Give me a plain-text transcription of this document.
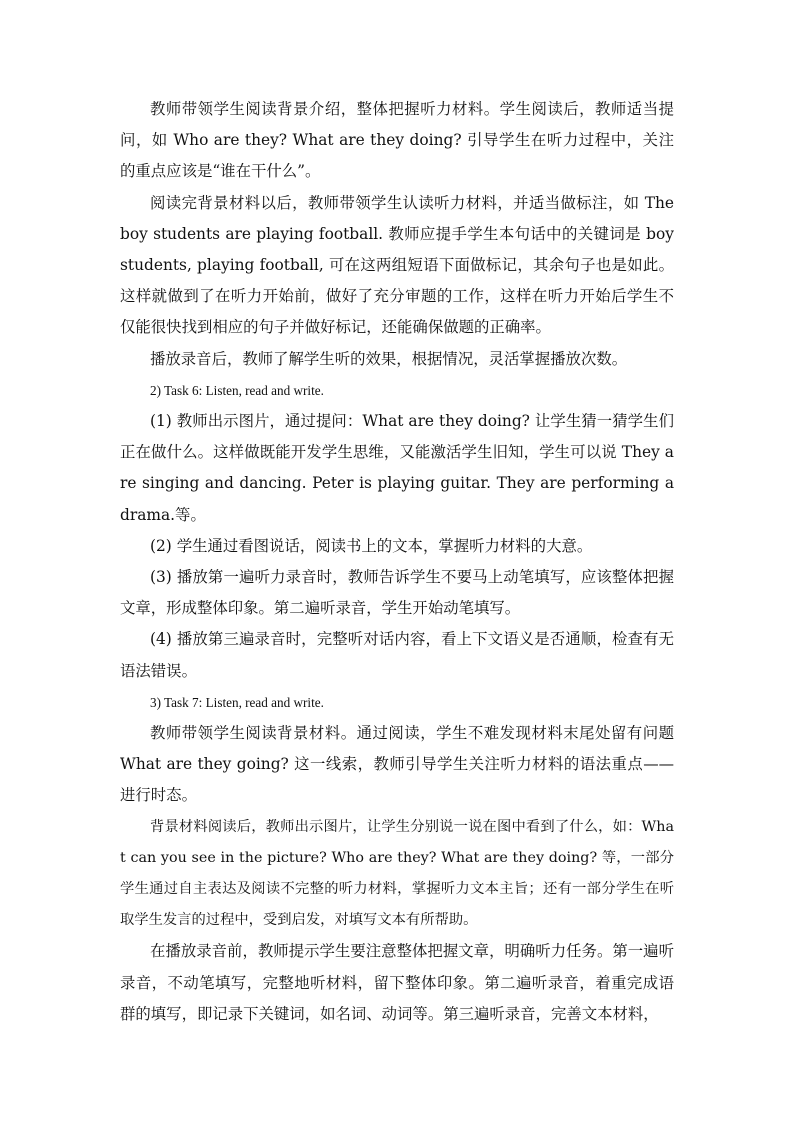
教师带领学生阅读背景介绍，整体把握听力材料。学生阅读后，教师适当提问，如 Who are they? What are they doing? 引导学生在听力过程中，关注的重点应该是“谁在干什么”。

阅读完背景材料以后，教师带领学生认读听力材料，并适当做标注，如 The boy students are playing football. 教师应提手学生本句话中的关键词是 boy students, playing football, 可在这两组短语下面做标记，其余句子也是如此。这样就做到了在听力开始前，做好了充分审题的工作，这样在听力开始后学生不仅能很快找到相应的句子并做好标记，还能确保做题的正确率。

播放录音后，教师了解学生听的效果，根据情况，灵活掌握播放次数。

2) Task 6: Listen, read and write.

(1) 教师出示图片，通过提问：What are they doing? 让学生猜一猜学生们正在做什么。这样做既能开发学生思维，又能激活学生旧知，学生可以说 They are singing and dancing. Peter is playing guitar. They are performing a drama.等。

(2) 学生通过看图说话，阅读书上的文本，掌握听力材料的大意。

(3) 播放第一遍听力录音时，教师告诉学生不要马上动笔填写，应该整体把握文章，形成整体印象。第二遍听录音，学生开始动笔填写。

(4) 播放第三遍录音时，完整听对话内容，看上下文语义是否通顺，检查有无语法错误。

3) Task 7: Listen, read and write.

教师带领学生阅读背景材料。通过阅读，学生不难发现材料末尾处留有问题 What are they going? 这一线索，教师引导学生关注听力材料的语法重点——进行时态。

背景材料阅读后，教师出示图片，让学生分别说一说在图中看到了什么，如：What can you see in the picture? Who are they? What are they doing? 等，一部分学生通过自主表达及阅读不完整的听力材料，掌握听力文本主旨；还有一部分学生在听取学生发言的过程中，受到启发，对填写文本有所帮助。

在播放录音前，教师提示学生要注意整体把握文章，明确听力任务。第一遍听录音，不动笔填写，完整地听材料，留下整体印象。第二遍听录音，着重完成语群的填写，即记录下关键词，如名词、动词等。第三遍听录音，完善文本材料，
